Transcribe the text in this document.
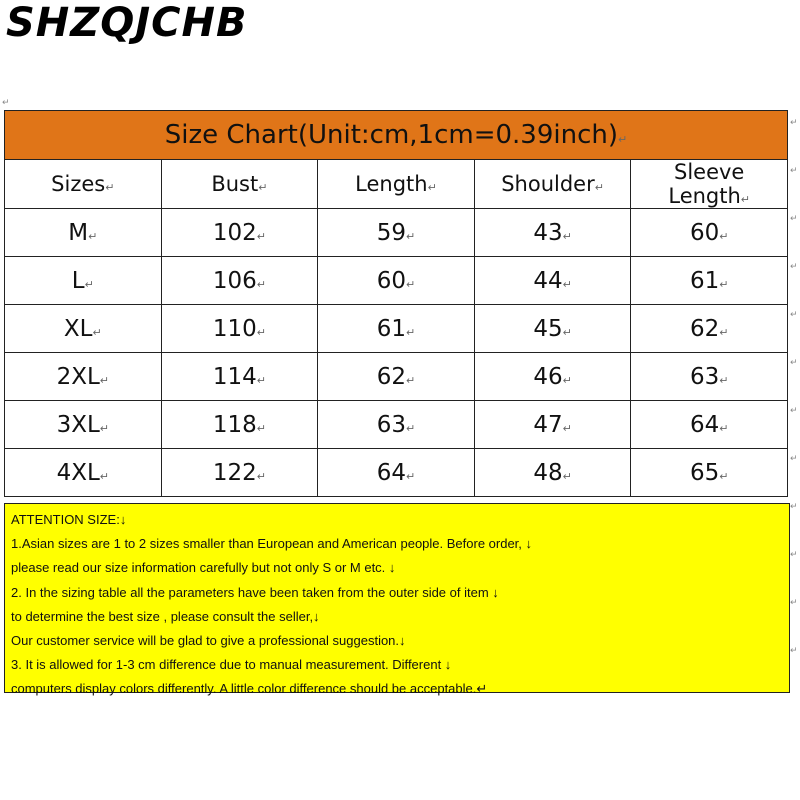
SHZQJCHB
↵
Size Chart(Unit:cm,1cm=0.39inch)↵				
Sizes↵	Bust↵	Length↵	Shoulder↵	Sleeve Length↵
M↵	102↵	59↵	43↵	60↵
L↵	106↵	60↵	44↵	61↵
XL↵	110↵	61↵	45↵	62↵
2XL↵	114↵	62↵	46↵	63↵
3XL↵	118↵	63↵	47↵	64↵
4XL↵	122↵	64↵	48↵	65↵
↵
↵
↵
↵
↵
↵
↵
↵
↵
↵
↵
↵
ATTENTION SIZE:↓
1.Asian sizes are 1 to 2 sizes smaller than European and American people. Before order, ↓
please read our size information carefully but not only S or M etc. ↓
2. In the sizing table all the parameters have been taken from the outer side of item ↓
to determine the best size , please consult the seller,↓
Our customer service will be glad to give a professional suggestion.↓
3. It is allowed for 1-3 cm difference due to manual measurement. Different ↓
computers display colors differently. A little color difference should be acceptable.↵
